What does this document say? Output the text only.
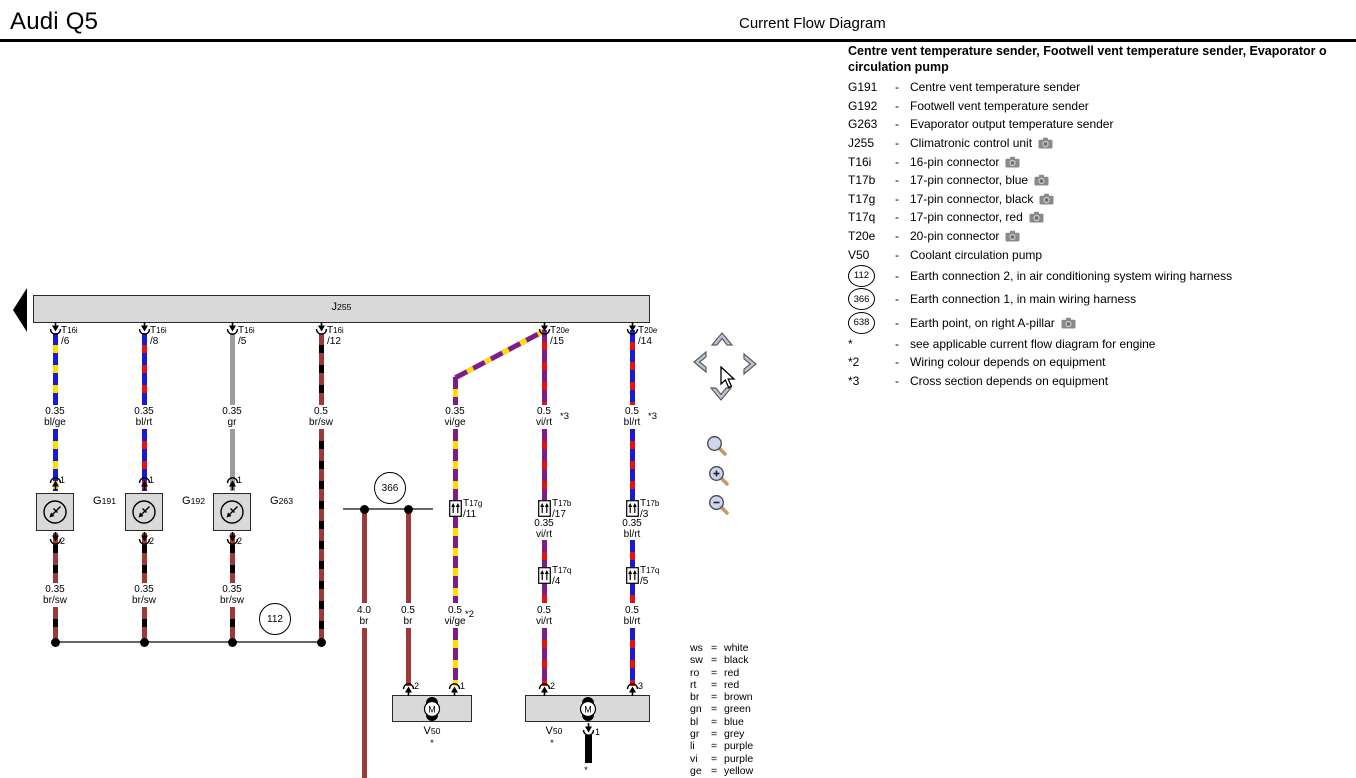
Audi Q5	Current Flow Diagram
Centre vent temperature sender, Footwell vent temperature sender, Evaporator o
circulation pump
G191	- Centre vent temperature sender
G192	- Footwell vent temperature sender
G263	- Evaporator output temperature sender
J255	- Climatronic control unit
T16i	- 16-pin connector
T17b	- 17-pin connector, blue
T17g	- 17-pin connector, black
T17q	- 17-pin connector, red
T20e	- 20-pin connector
V50	- Coolant circulation pump
112	- Earth connection 2, in air conditioning system wiring harness
366	- Earth connection 1, in main wiring harness
638	- Earth point, on right A-pillar
*	- see applicable current flow diagram for engine
*2	- Wiring colour depends on equipment
*3	- Cross section depends on equipment
ws = white
sw = black
ro	= red
rt	= red
br	= brown
gn = green
bl	= blue
gr	= grey
li	= purple
vi	= purple
ge = yellow
J255
0.35
bl/ge
0.35
bl/rt
0.35
gr
0.5
br/sw
0.35
vi/ge
0.5
vi/rt
0.5
bl/rt
0.35
br/sw
0.35
br/sw
0.35
br/sw
4.0
br
0.5
br
0.5
vi/ge
0.35
vi/rt
0.35
bl/rt
0.5
vi/rt
0.5
bl/rt
*3	*3
*2
*	*
*
T16i
/6
T16i
/8
T16i
/5
T16i
/12
T20e
/15
T20e
/14
1
2
G191
1
2
G192
1
2
G263	T17g
/11
T17b
/17
T17b
/3
T17q
/4
T17q
/5
112
366
M
2	1
V50
M
2	3
1
V50
